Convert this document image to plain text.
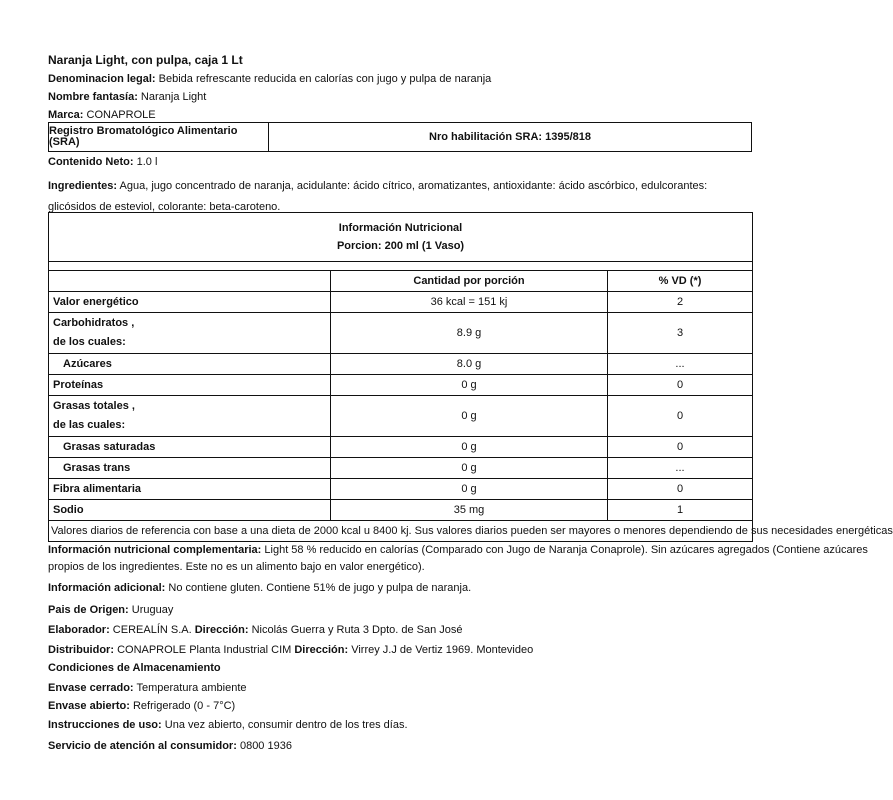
Naranja Light, con pulpa, caja 1 Lt
Denominacion legal: Bebida refrescante reducida en calorías con jugo y pulpa de naranja
Nombre fantasía: Naranja Light
Marca: CONAPROLE
Registro Bromatológico Alimentario (SRA)	Nro habilitación SRA: 1395/818
Contenido Neto: 1.0 l
Ingredientes: Agua, jugo concentrado de naranja, acidulante: ácido cítrico, aromatizantes, antioxidante: ácido ascórbico, edulcorantes: glicósidos de esteviol, colorante: beta-caroteno.
Información Nutricional
Porcion: 200 ml (1 Vaso)		

	Cantidad por porción	% VD (*)
Valor energético	36 kcal = 151 kj	2

Carbohidratos ,
de los cuales:	8.9 g	3
Azúcares	8.0 g	...
Proteínas	0 g	0

Grasas totales ,
de las cuales:	0 g	0
Grasas saturadas	0 g	0
Grasas trans	0 g	...
Fibra alimentaria	0 g	0
Sodio	35 mg	1
Valores diarios de referencia con base a una dieta de 2000 kcal u 8400 kj. Sus valores diarios pueden ser mayores o menores dependiendo de sus necesidades energéticas		
Información nutricional complementaria: Light 58 % reducido en calorías (Comparado con Jugo de Naranja Conaprole). Sin azúcares agregados (Contiene azúcares
propios de los ingredientes. Este no es un alimento bajo en valor energético).
Información adicional: No contiene gluten. Contiene 51% de jugo y pulpa de naranja.
Pais de Origen: Uruguay
Elaborador: CEREALÍN S.A. Dirección: Nicolás Guerra y Ruta 3 Dpto. de San José
Distribuidor: CONAPROLE Planta Industrial CIM Dirección: Virrey J.J de Vertiz 1969. Montevideo
Condiciones de Almacenamiento
Envase cerrado: Temperatura ambiente
Envase abierto: Refrigerado (0 - 7°C)
Instrucciones de uso: Una vez abierto, consumir dentro de los tres días.
Servicio de atención al consumidor: 0800 1936
